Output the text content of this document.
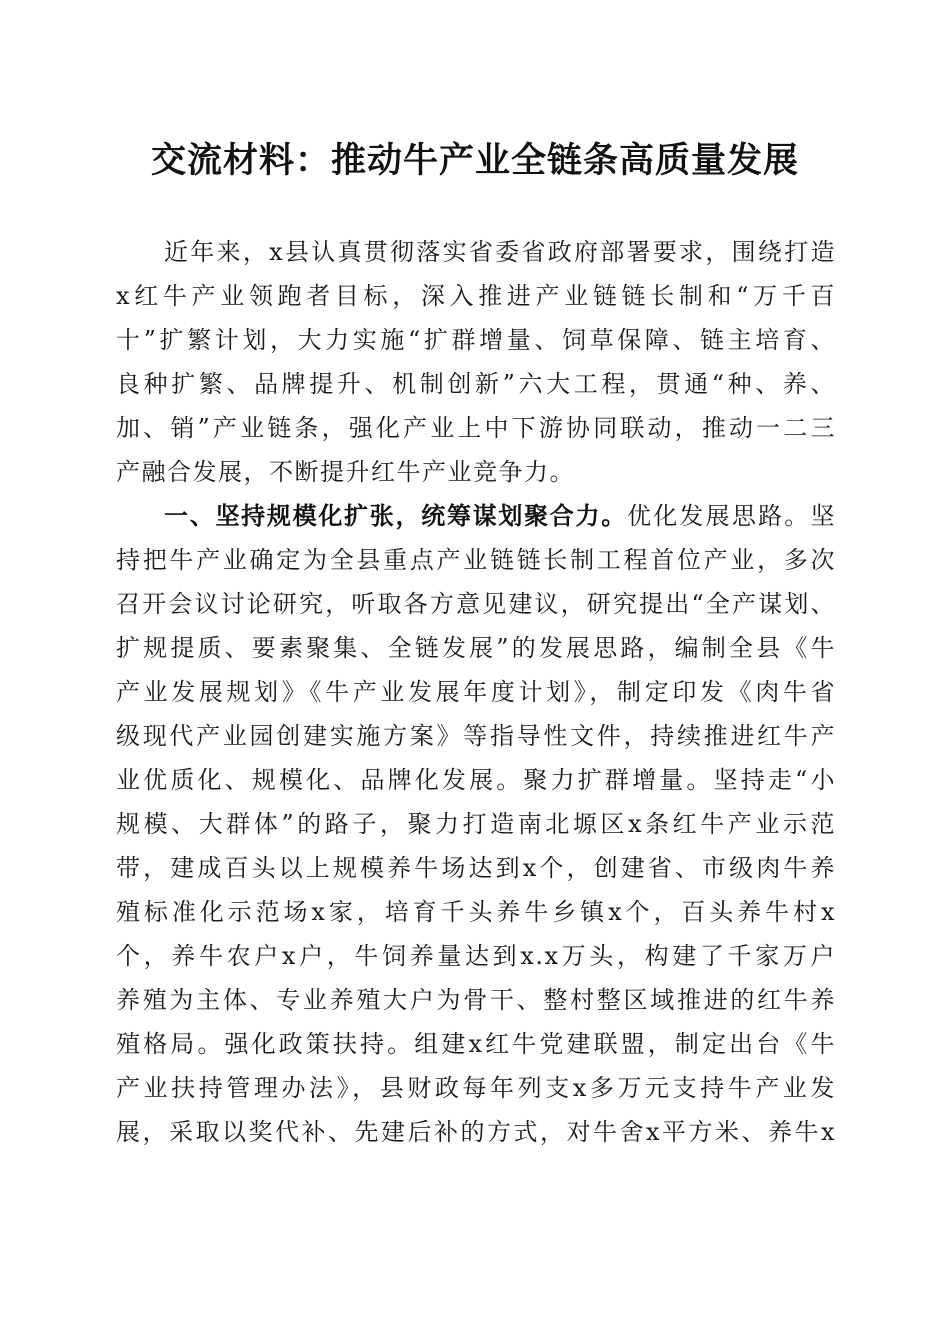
交流材料：推动牛产业全链条高质量发展
近年来，x县认真贯彻落实省委省政府部署要求，围绕打造
x红牛产业领跑者目标，深入推进产业链链长制和“万千百
十”扩繁计划，大力实施“扩群增量、饲草保障、链主培育、
良种扩繁、品牌提升、机制创新”六大工程，贯通“种、养、
加、销”产业链条，强化产业上中下游协同联动，推动一二三
产融合发展，不断提升红牛产业竞争力。
一、坚持规模化扩张，统筹谋划聚合力。优化发展思路。坚
持把牛产业确定为全县重点产业链链长制工程首位产业，多次
召开会议讨论研究，听取各方意见建议，研究提出“全产谋划、
扩规提质、要素聚集、全链发展”的发展思路，编制全县《牛
产业发展规划》《牛产业发展年度计划》，制定印发《肉牛省
级现代产业园创建实施方案》等指导性文件，持续推进红牛产
业优质化、规模化、品牌化发展。聚力扩群增量。坚持走“小
规模、大群体”的路子，聚力打造南北塬区x条红牛产业示范
带，建成百头以上规模养牛场达到x个，创建省、市级肉牛养
殖标准化示范场x家，培育千头养牛乡镇x个，百头养牛村x
个，养牛农户x户，牛饲养量达到x.x万头，构建了千家万户
养殖为主体、专业养殖大户为骨干、整村整区域推进的红牛养
殖格局。强化政策扶持。组建x红牛党建联盟，制定出台《牛
产业扶持管理办法》，县财政每年列支x多万元支持牛产业发
展，采取以奖代补、先建后补的方式，对牛舍x平方米、养牛x
